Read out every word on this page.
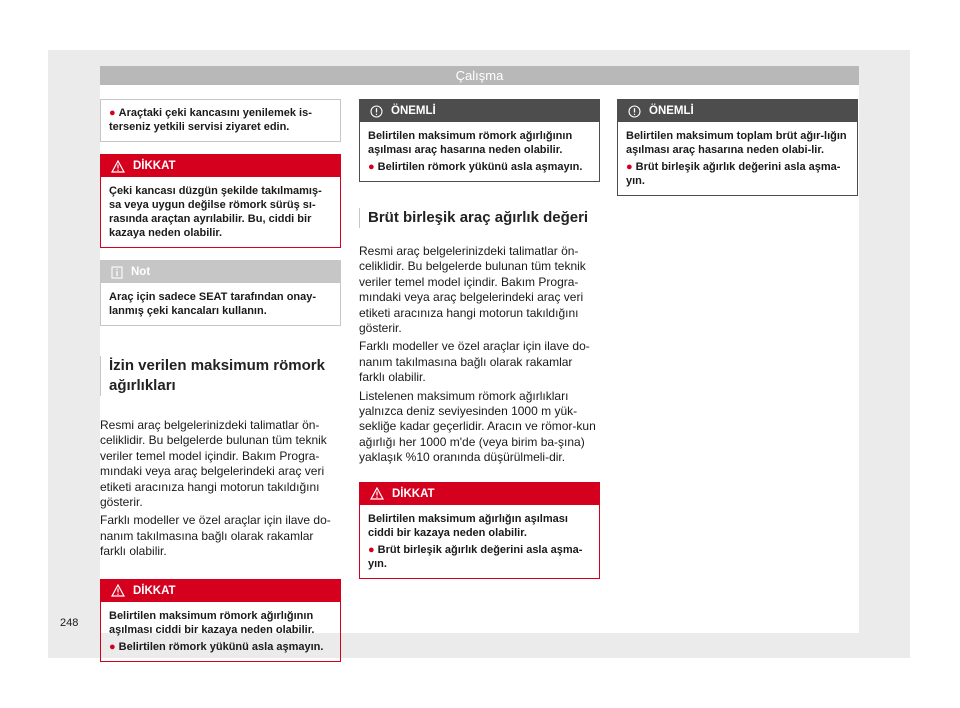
Çalışma
● Araçtaki çeki kancasını yenilemek is-terseniz yetkili servisi ziyaret edin.
DİKKAT

Çeki kancası düzgün şekilde takılmamış-sa veya uygun değilse römork sürüş sı-rasında araçtan ayrılabilir. Bu, ciddi bir kazaya neden olabilir.

Not
Araç için sadece SEAT tarafından onay-lanmış çeki kancaları kullanın.
İzin verilen maksimum römork ağırlıkları

Resmi araç belgelerinizdeki talimatlar ön-celiklidir. Bu belgelerde bulunan tüm teknik veriler temel model içindir. Bakım Progra-mındaki veya araç belgelerindeki araç veri etiketi aracınıza hangi motorun takıldığını gösterir.

Farklı modeller ve özel araçlar için ilave do-nanım takılmasına bağlı olarak rakamlar farklı olabilir.

DİKKAT

Belirtilen maksimum römork ağırlığının aşılması ciddi bir kazaya neden olabilir.

● Belirtilen römork yükünü asla aşmayın.

ÖNEMLİ

Belirtilen maksimum römork ağırlığının aşılması araç hasarına neden olabilir.

● Belirtilen römork yükünü asla aşmayın.

Brüt birleşik araç ağırlık değeri

Resmi araç belgelerinizdeki talimatlar ön-celiklidir. Bu belgelerde bulunan tüm teknik veriler temel model içindir. Bakım Progra-mındaki veya araç belgelerindeki araç veri etiketi aracınıza hangi motorun takıldığını gösterir.

Farklı modeller ve özel araçlar için ilave do-nanım takılmasına bağlı olarak rakamlar farklı olabilir.

Listelenen maksimum römork ağırlıkları yalnızca deniz seviyesinden 1000 m yük-sekliğe kadar geçerlidir. Aracın ve römor-kun ağırlığı her 1000 m'de (veya birim ba-şına) yaklaşık %10 oranında düşürülmeli-dir.

DİKKAT

Belirtilen maksimum ağırlığın aşılması ciddi bir kazaya neden olabilir.

● Brüt birleşik ağırlık değerini asla aşma-yın.

ÖNEMLİ

Belirtilen maksimum toplam brüt ağır-lığın aşılması araç hasarına neden olabi-lir.

● Brüt birleşik ağırlık değerini asla aşma-yın.

248
